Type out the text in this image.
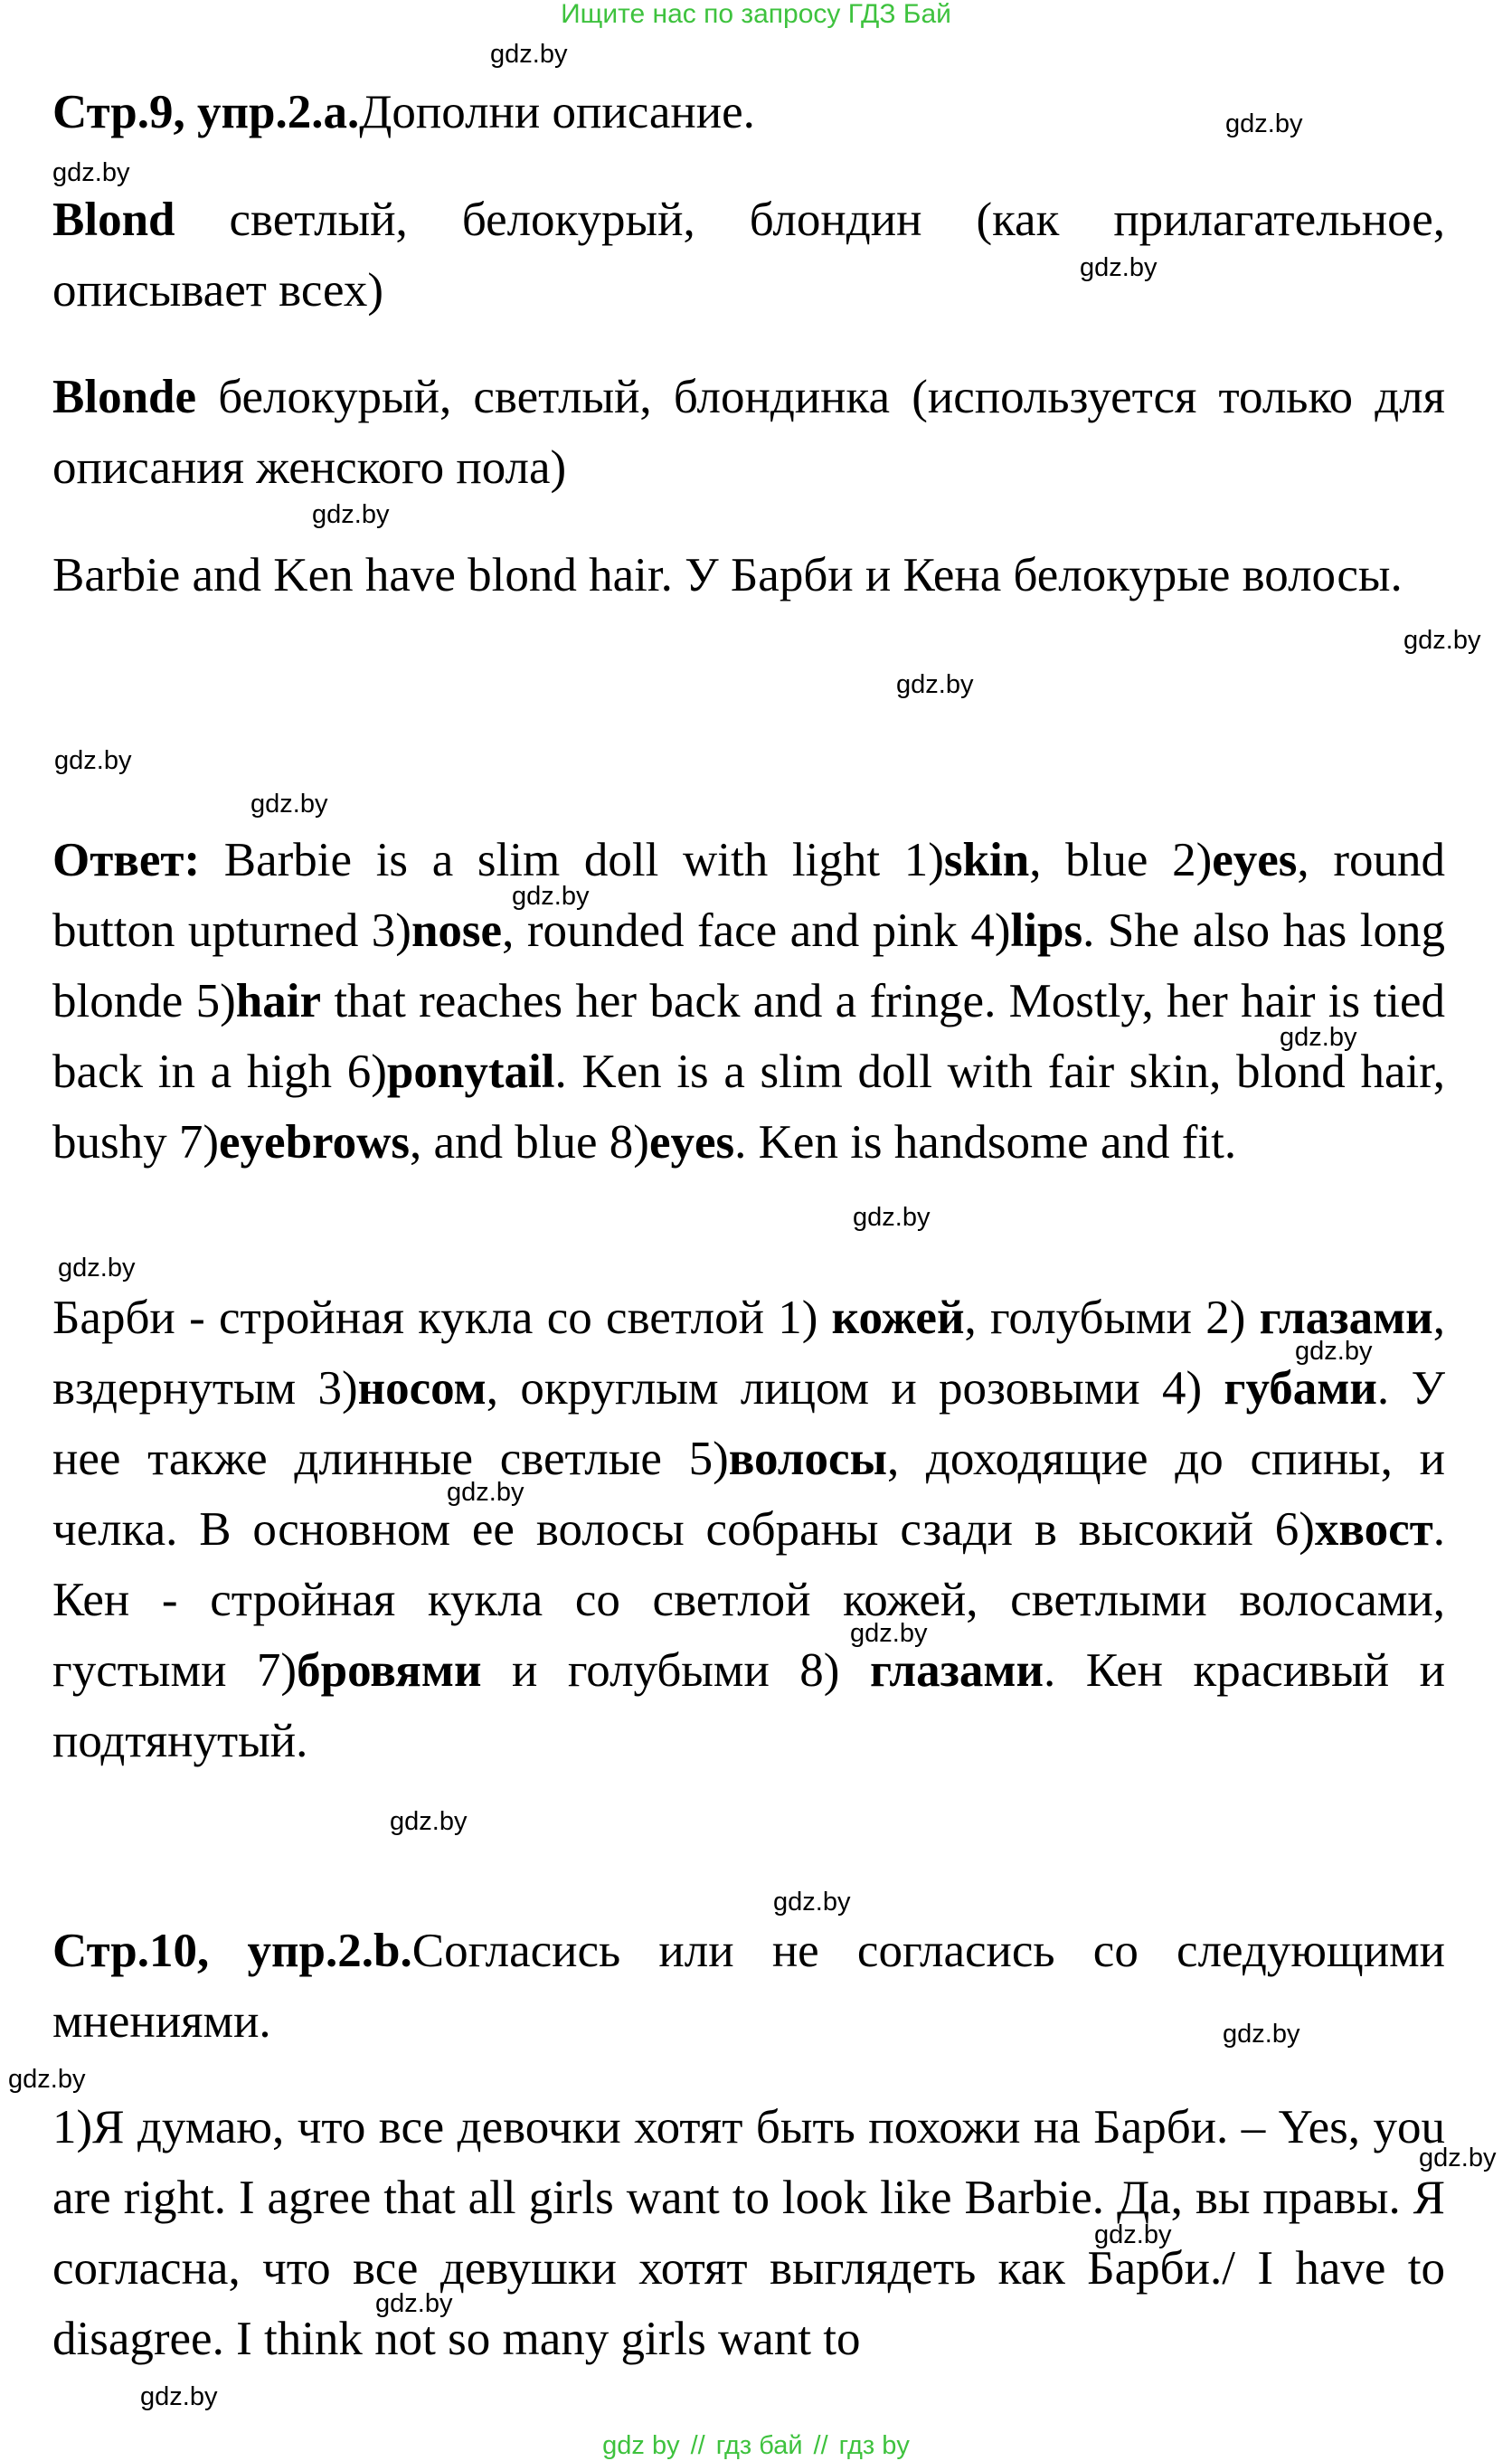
Ищите нас по запросу ГДЗ Бай
Стр.9, упр.2.а.Дополни описание.
Blond светлый, белокурый, блондин (как прилагательное, описывает всех)
Blonde белокурый, светлый, блондинка (используется только для описания женского пола)
Barbie and Ken have blond hair. У Барби и Кена белокурые волосы.
Ответ: Barbie is a slim doll with light 1)skin, blue 2)eyes, round button upturned 3)nose, rounded face and pink 4)lips. She also has long blonde 5)hair that reaches her back and a fringe. Mostly, her hair is tied back in a high 6)ponytail. Ken is a slim doll with fair skin, blond hair, bushy 7)eyebrows, and blue 8)eyes. Ken is handsome and fit.
Барби - стройная кукла со светлой 1) кожей, голубыми 2) глазами, вздернутым 3)носом, округлым лицом и розовыми 4) губами. У нее также длинные светлые 5)волосы, доходящие до спины, и челка. В основном ее волосы собраны сзади в высокий 6)хвост. Кен - стройная кукла со светлой кожей, светлыми волосами, густыми 7)бровями и голубыми 8) глазами. Кен красивый и подтянутый.
Стр.10, упр.2.b.Согласись или не согласись со следующими мнениями.
1)Я думаю, что все девочки хотят быть похожи на Барби. – Yes, you are right. I agree that all girls want to look like Barbie. Да, вы правы. Я согласна, что все девушки хотят выглядеть как Барби./ I have to disagree. I think not so many girls want to
gdz.by
gdz.by
gdz.by
gdz.by
gdz.by
gdz.by
gdz.by
gdz.by
gdz.by
gdz.by
gdz.by
gdz.by
gdz.by
gdz.by
gdz.by
gdz.by
gdz.by
gdz.by
gdz.by
gdz.by
gdz.by
gdz.by
gdz.by
gdz.by
gdz by // гдз бай // гдз by
